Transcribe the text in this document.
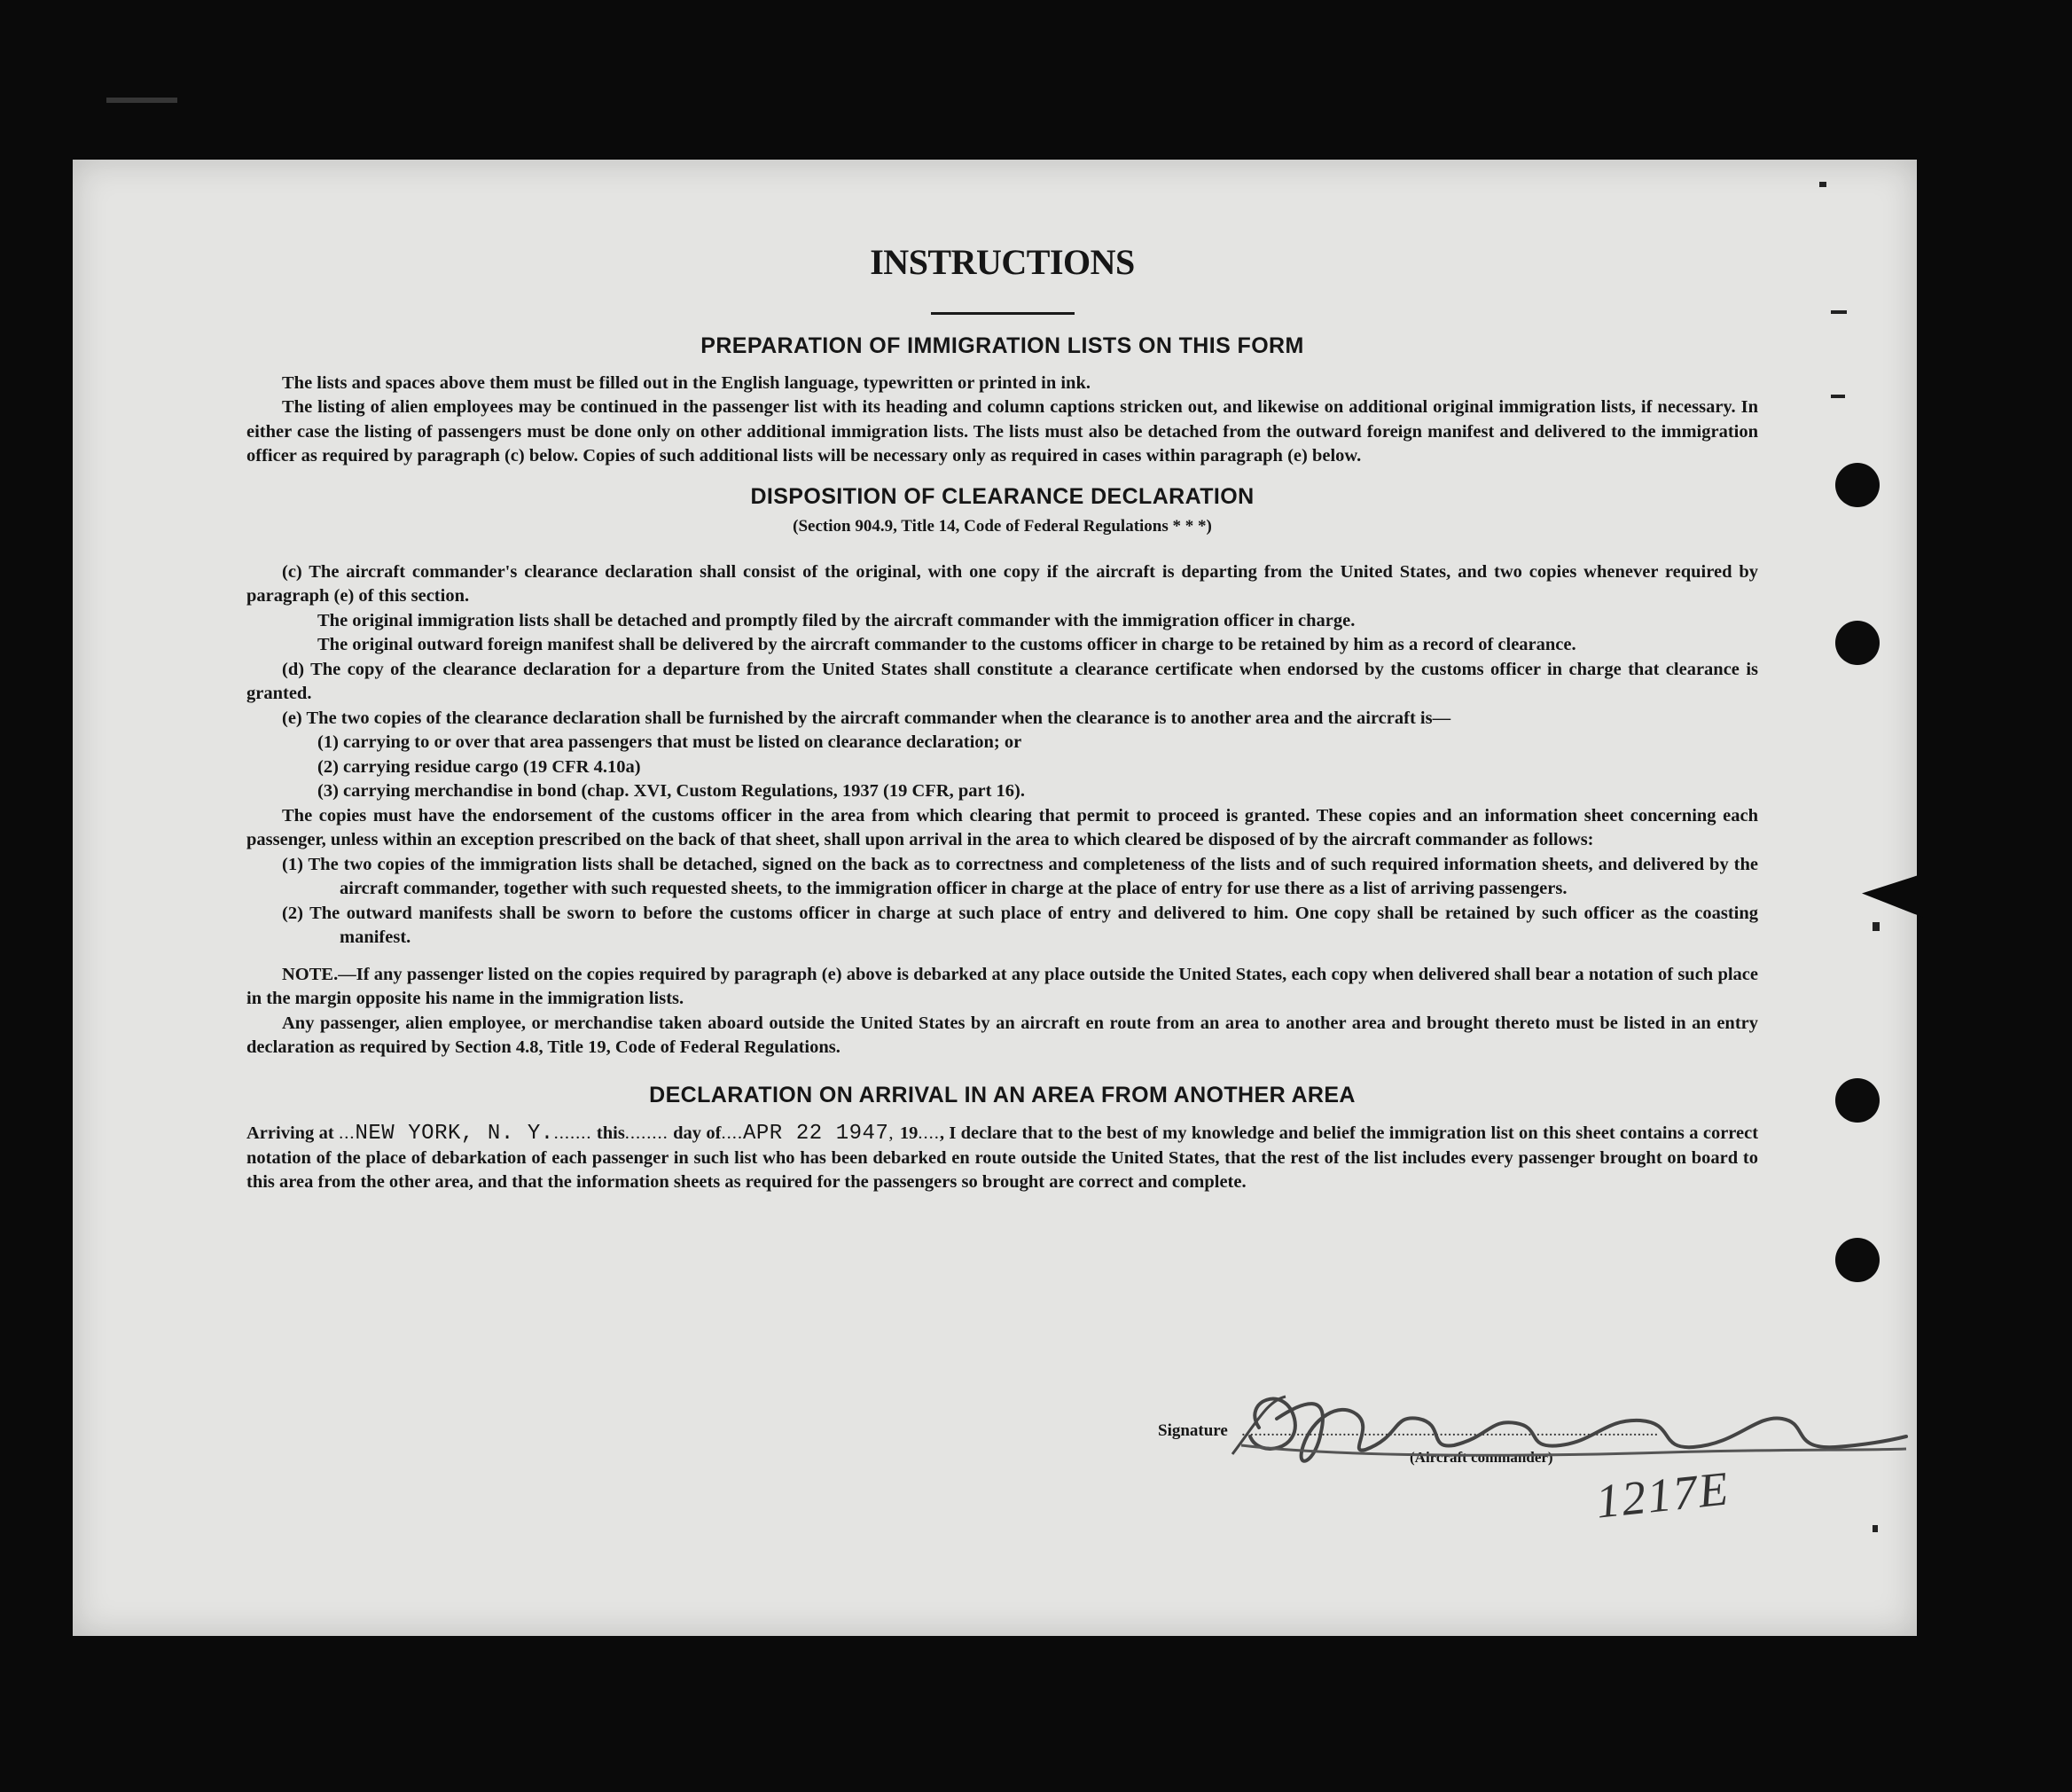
INSTRUCTIONS
PREPARATION OF IMMIGRATION LISTS ON THIS FORM

The lists and spaces above them must be filled out in the English language, typewritten or printed in ink.

The listing of alien employees may be continued in the passenger list with its heading and column captions stricken out, and likewise on additional original immigration lists, if necessary. In either case the listing of passengers must be done only on other additional immigration lists. The lists must also be detached from the outward foreign manifest and delivered to the immigration officer as required by paragraph (c) below. Copies of such additional lists will be necessary only as required in cases within paragraph (e) below.

DISPOSITION OF CLEARANCE DECLARATION
(Section 904.9, Title 14, Code of Federal Regulations * * *)

(c) The aircraft commander's clearance declaration shall consist of the original, with one copy if the aircraft is departing from the United States, and two copies whenever required by paragraph (e) of this section.

The original immigration lists shall be detached and promptly filed by the aircraft commander with the immigration officer in charge.

The original outward foreign manifest shall be delivered by the aircraft commander to the customs officer in charge to be retained by him as a record of clearance.

(d) The copy of the clearance declaration for a departure from the United States shall constitute a clearance certificate when endorsed by the customs officer in charge that clearance is granted.

(e) The two copies of the clearance declaration shall be furnished by the aircraft commander when the clearance is to another area and the aircraft is—

(1) carrying to or over that area passengers that must be listed on clearance declaration; or

(2) carrying residue cargo (19 CFR 4.10a)

(3) carrying merchandise in bond (chap. XVI, Custom Regulations, 1937 (19 CFR, part 16).

The copies must have the endorsement of the customs officer in the area from which clearing that permit to proceed is granted. These copies and an information sheet concerning each passenger, unless within an exception prescribed on the back of that sheet, shall upon arrival in the area to which cleared be disposed of by the aircraft commander as follows:

(1) The two copies of the immigration lists shall be detached, signed on the back as to correctness and completeness of the lists and of such required information sheets, and delivered by the aircraft commander, together with such requested sheets, to the immigration officer in charge at the place of entry for use there as a list of arriving passengers.

(2) The outward manifests shall be sworn to before the customs officer in charge at such place of entry and delivered to him. One copy shall be retained by such officer as the coasting manifest.

NOTE.—If any passenger listed on the copies required by paragraph (e) above is debarked at any place outside the United States, each copy when delivered shall bear a notation of such place in the margin opposite his name in the immigration lists.

Any passenger, alien employee, or merchandise taken aboard outside the United States by an aircraft en route from an area to another area and brought thereto must be listed in an entry declaration as required by Section 4.8, Title 19, Code of Federal Regulations.

DECLARATION ON ARRIVAL IN AN AREA FROM ANOTHER AREA

Arriving at ...NEW YORK, N. Y........ this........ day of....APR 22 1947, 19...., I declare that to the best of my knowledge and belief the immigration list on this sheet contains a correct notation of the place of debarkation of each passenger in such list who has been debarked en route outside the United States, that the rest of the list includes every passenger brought on board to this area from the other area, and that the information sheets as required for the passengers so brought are correct and complete.

Signature ...................................................................................................
(Aircraft commander)
1217E
